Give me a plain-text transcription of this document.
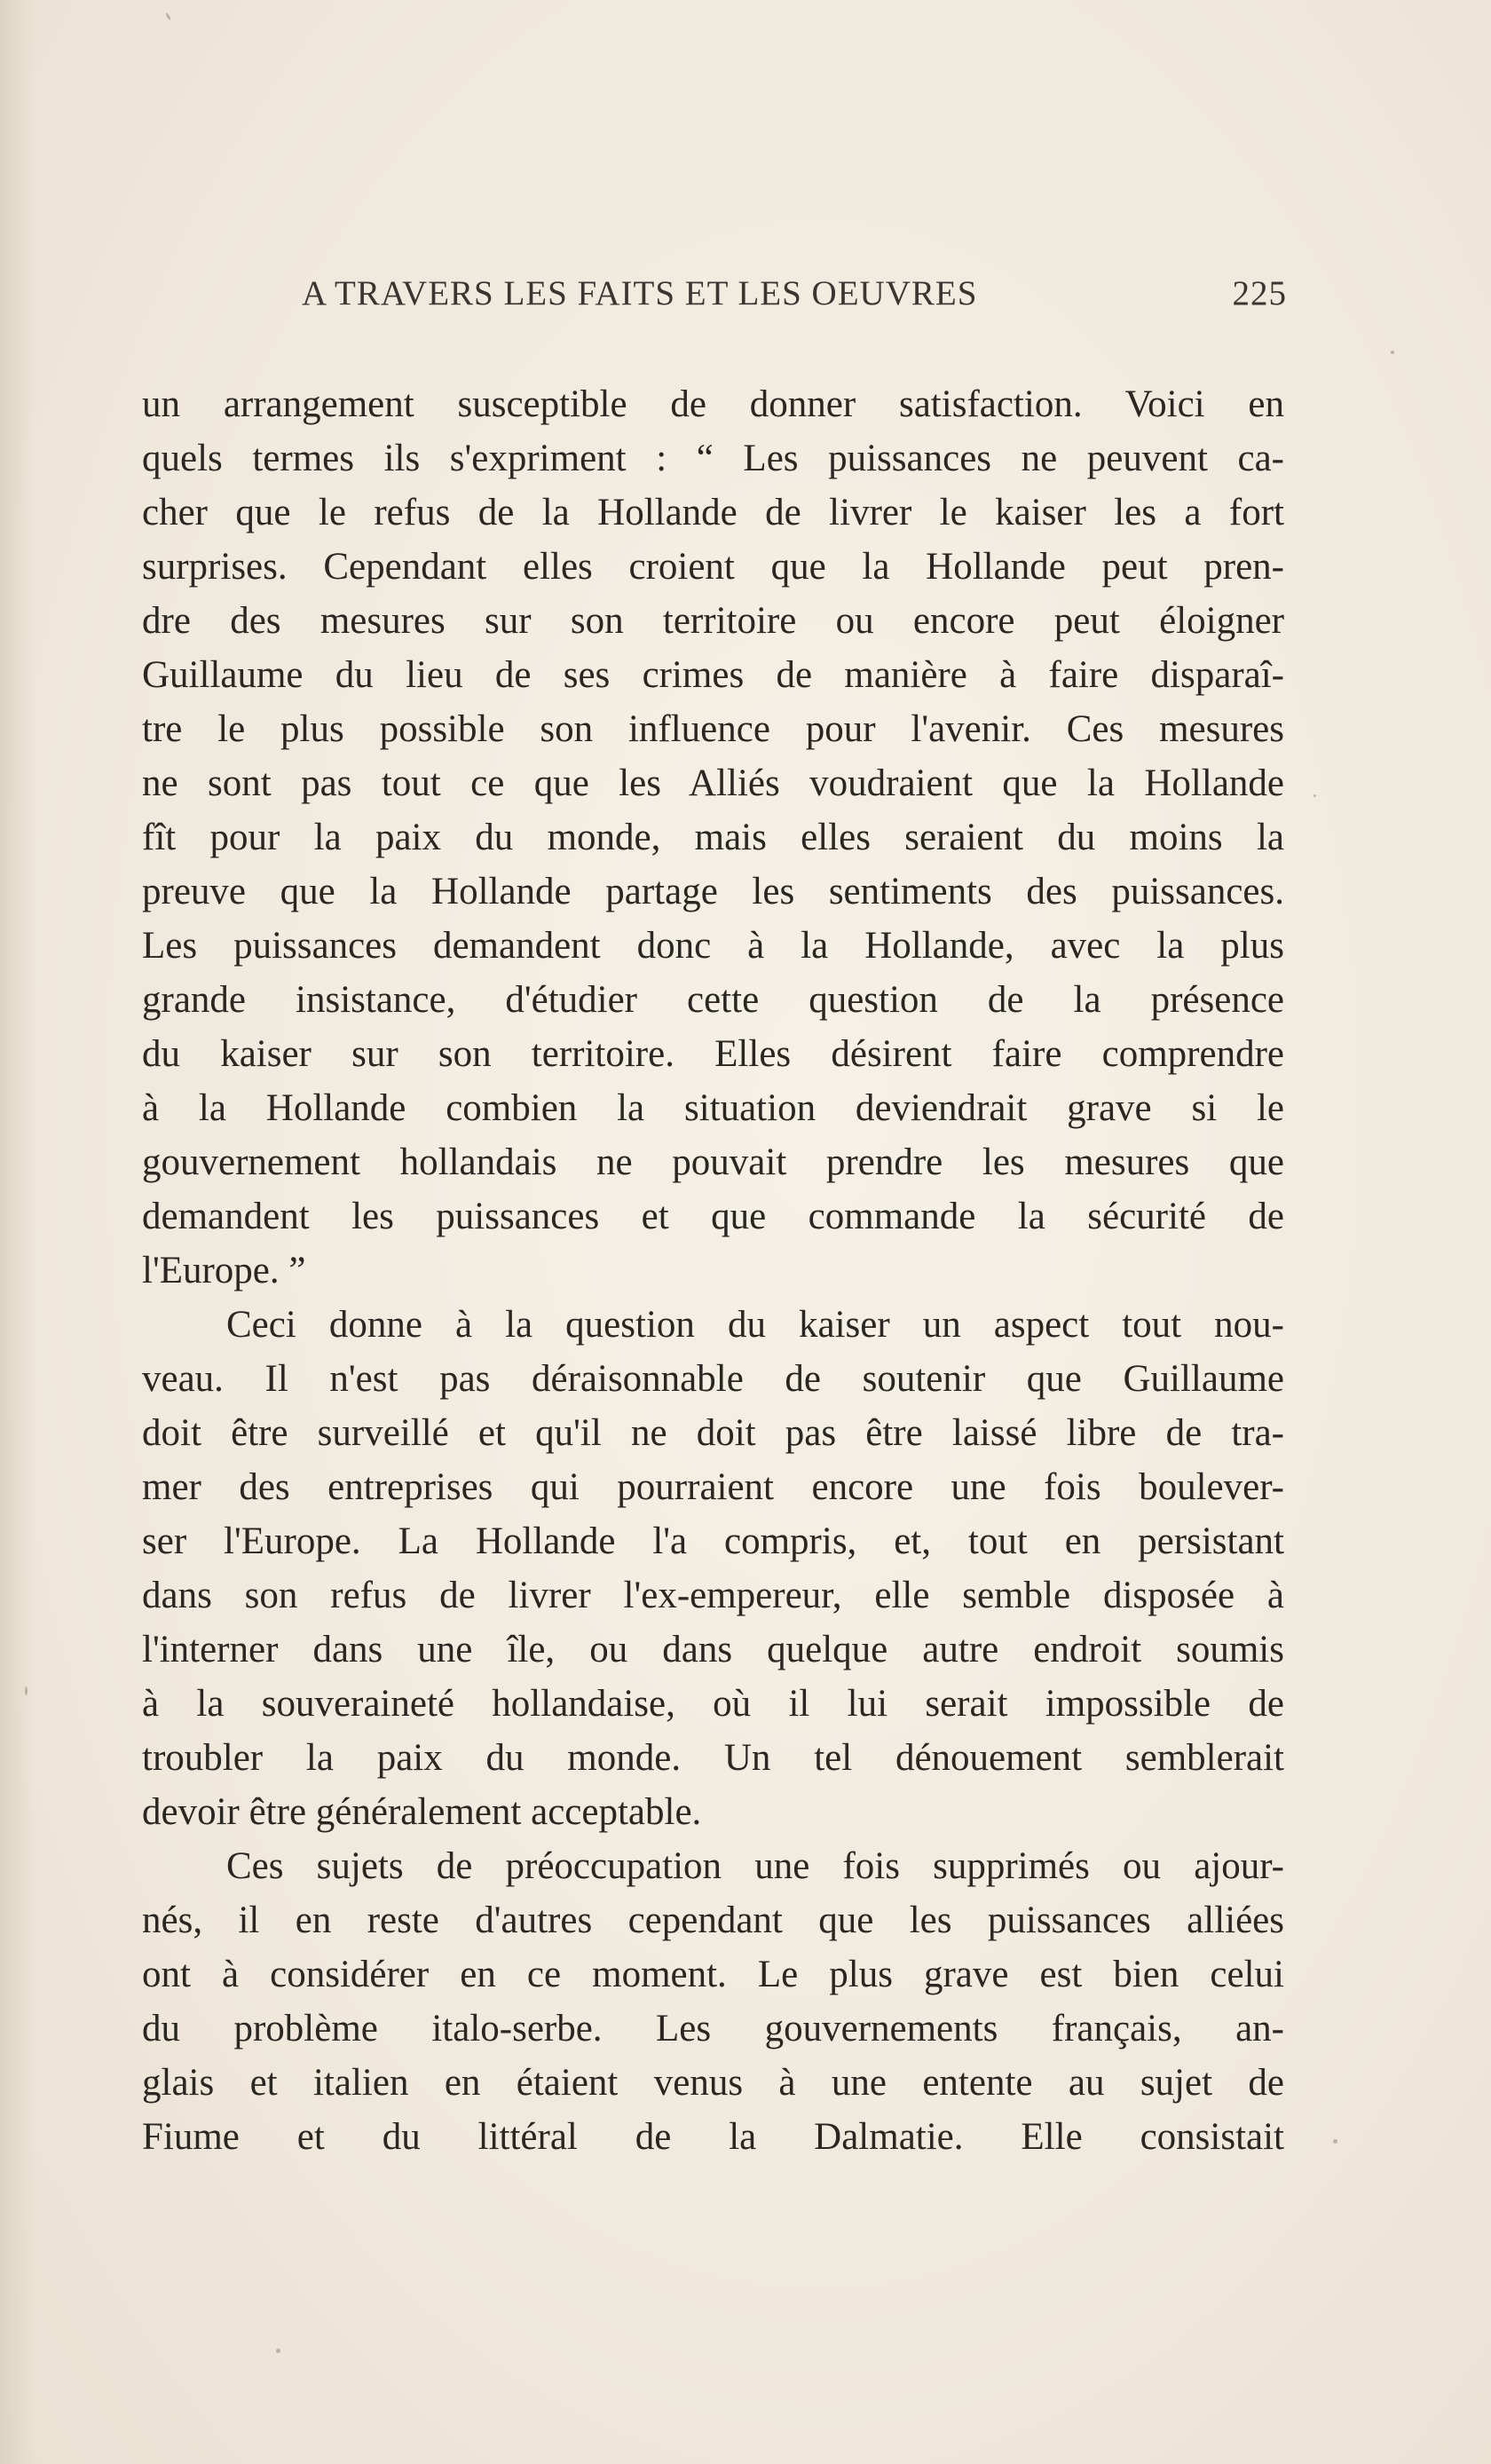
A TRAVERS LES FAITS ET LES OEUVRES	225
un arrangement susceptible de donner satisfaction. Voici en
quels termes ils s'expriment : “ Les puissances ne peuvent ca-
cher que le refus de la Hollande de livrer le kaiser les a fort
surprises. Cependant elles croient que la Hollande peut pren-
dre des mesures sur son territoire ou encore peut éloigner
Guillaume du lieu de ses crimes de manière à faire disparaî-
tre le plus possible son influence pour l'avenir. Ces mesures
ne sont pas tout ce que les Alliés voudraient que la Hollande
fît pour la paix du monde, mais elles seraient du moins la
preuve que la Hollande partage les sentiments des puissances.
Les puissances demandent donc à la Hollande, avec la plus
grande insistance, d'étudier cette question de la présence
du kaiser sur son territoire. Elles désirent faire comprendre
à la Hollande combien la situation deviendrait grave si le
gouvernement hollandais ne pouvait prendre les mesures que
demandent les puissances et que commande la sécurité de
l'Europe. ”
Ceci donne à la question du kaiser un aspect tout nou-
veau. Il n'est pas déraisonnable de soutenir que Guillaume
doit être surveillé et qu'il ne doit pas être laissé libre de tra-
mer des entreprises qui pourraient encore une fois boulever-
ser l'Europe. La Hollande l'a compris, et, tout en persistant
dans son refus de livrer l'ex-empereur, elle semble disposée à
l'interner dans une île, ou dans quelque autre endroit soumis
à la souveraineté hollandaise, où il lui serait impossible de
troubler la paix du monde. Un tel dénouement semblerait
devoir être généralement acceptable.
Ces sujets de préoccupation une fois supprimés ou ajour-
nés, il en reste d'autres cependant que les puissances alliées
ont à considérer en ce moment. Le plus grave est bien celui
du problème italo-serbe. Les gouvernements français, an-
glais et italien en étaient venus à une entente au sujet de
Fiume et du littéral de la Dalmatie. Elle consistait
